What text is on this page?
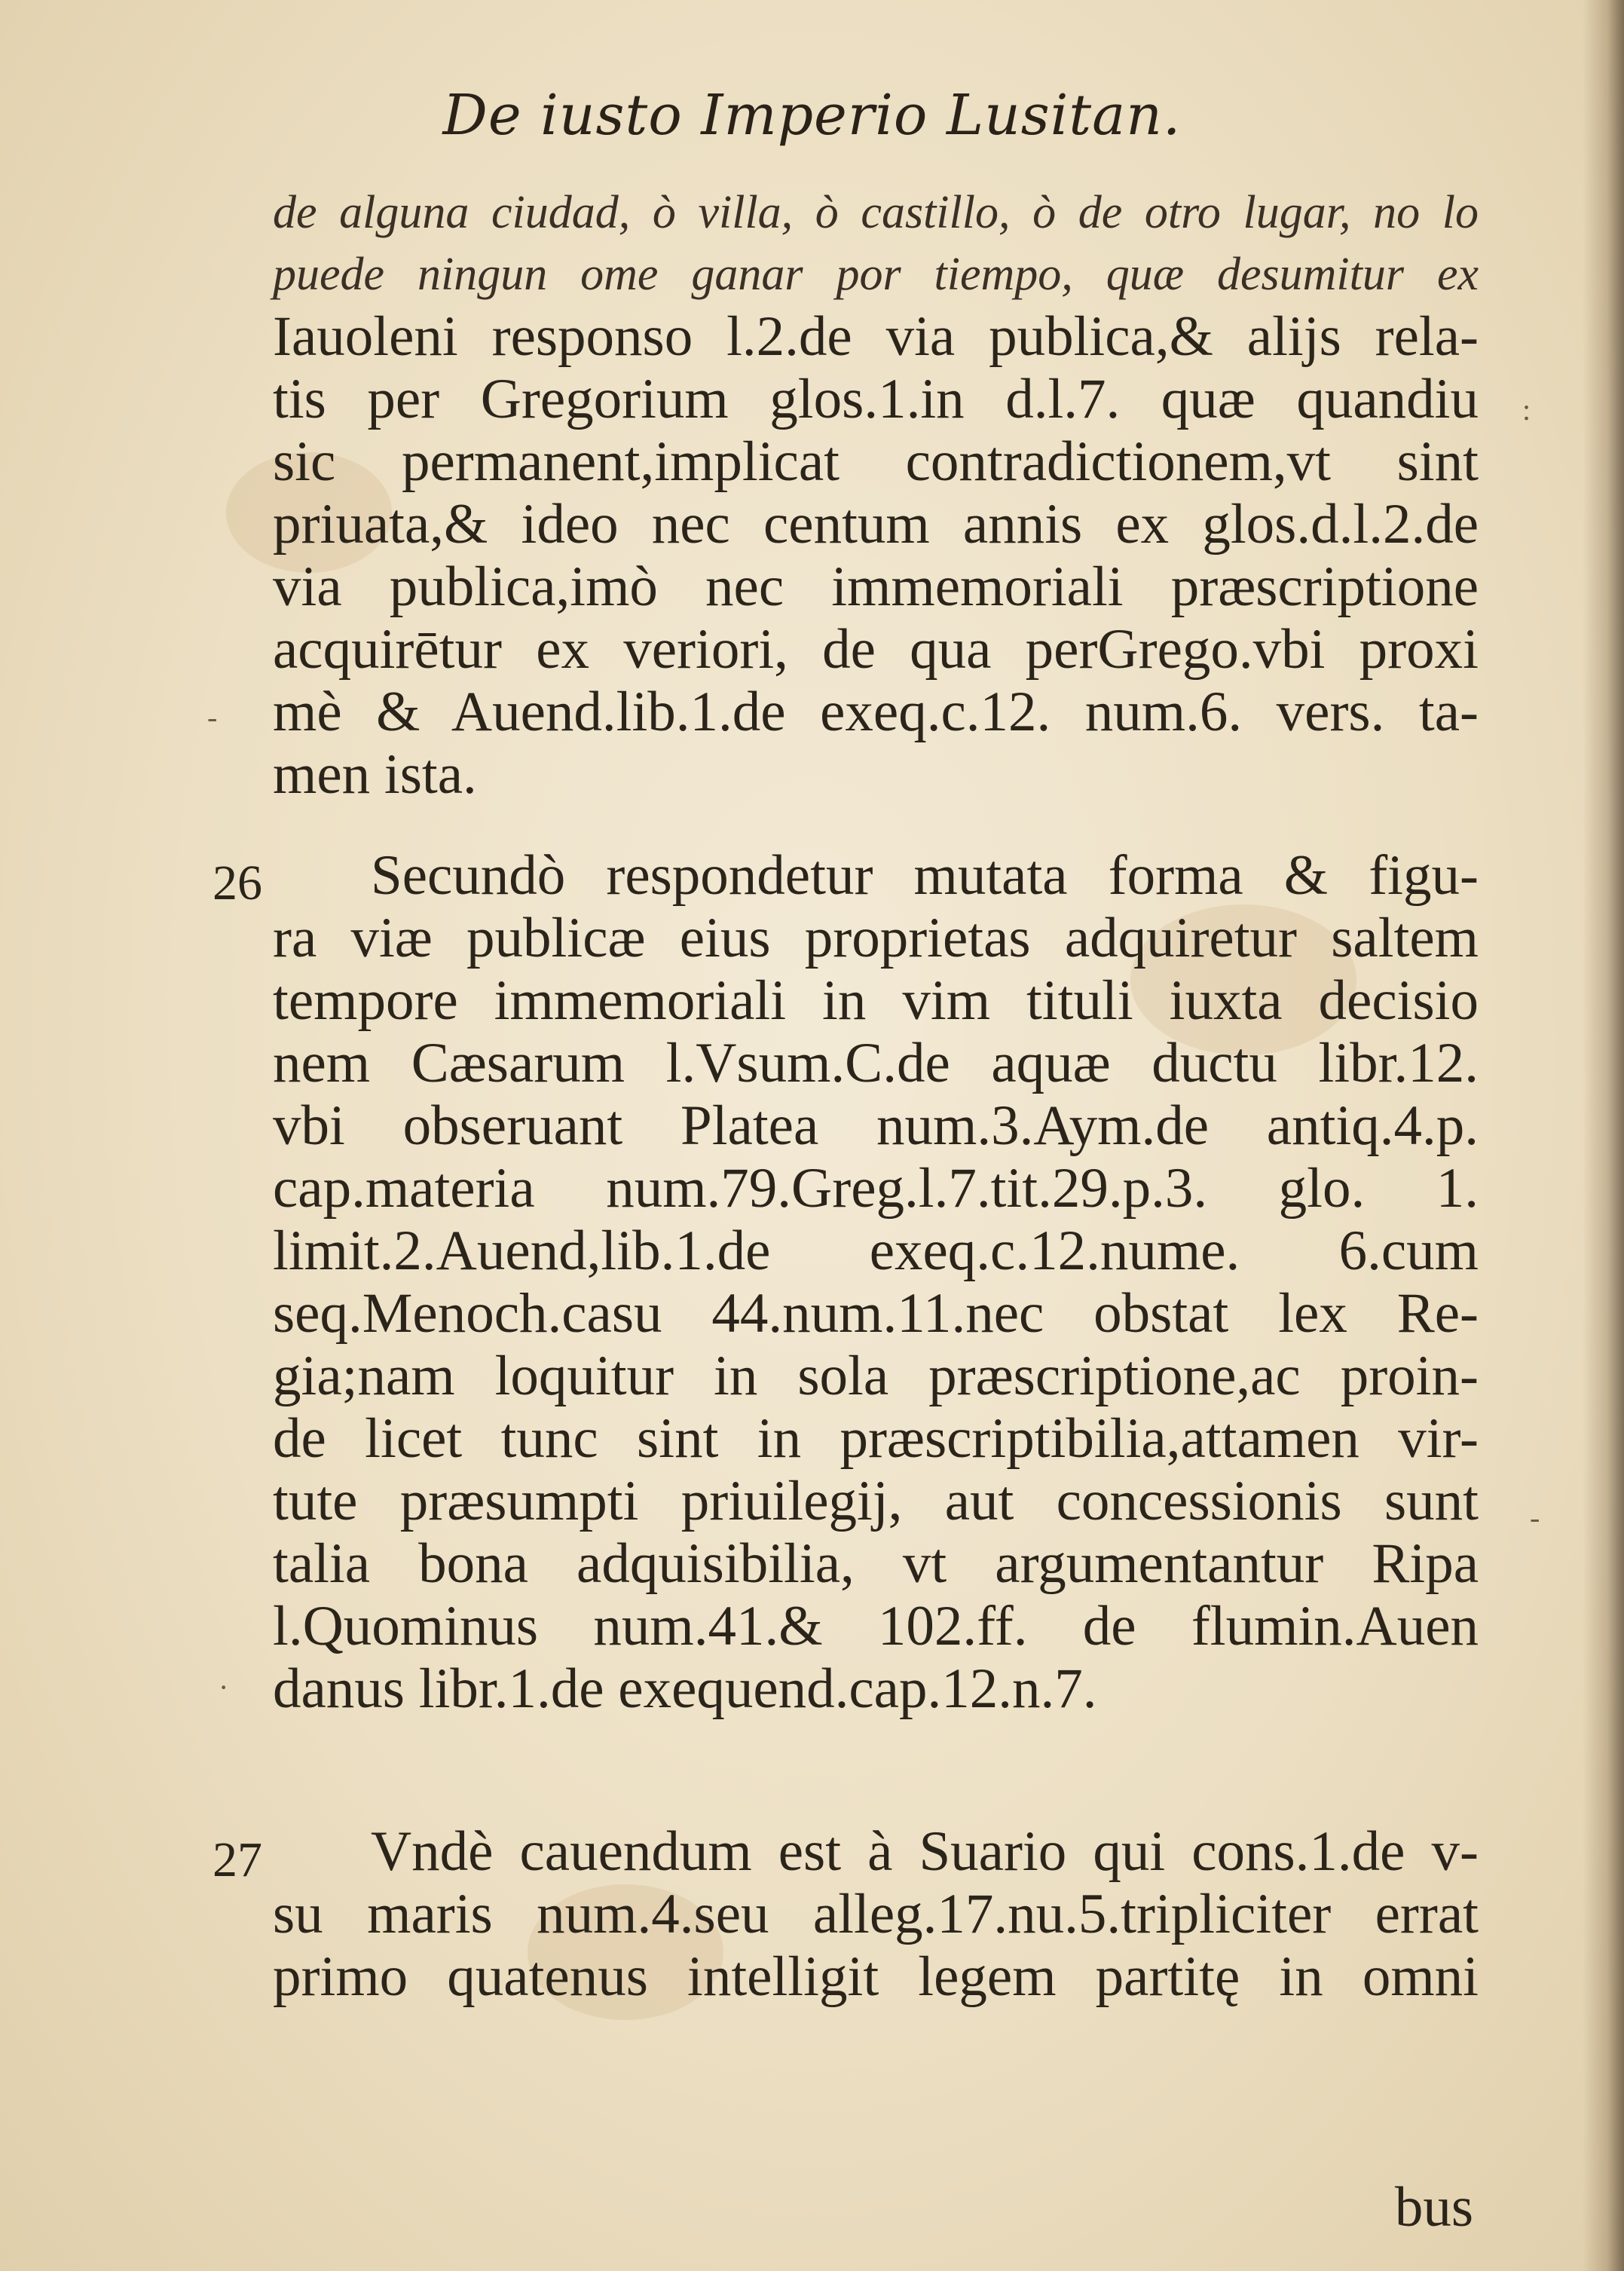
De iusto Imperio Lusitan.
de alguna ciudad, ò villa, ò castillo, ò de otro lugar, no lo
puede ningun ome ganar por tiempo, quæ desumitur ex
Iauoleni responso l.2.de via publica,& alijs rela-
tis per Gregorium glos.1.in d.l.7. quæ quandiu
sic permanent,implicat contradictionem,vt sint
priuata,& ideo nec centum annis ex glos.d.l.2.de
via publica,imò nec immemoriali præscriptione
acquirētur ex veriori, de qua perGrego.vbi proxi
mè & Auend.lib.1.de exeq.c.12. num.6. vers. ta-
men ista.
26 Secundò respondetur mutata forma & figu-
ra viæ publicæ eius proprietas adquiretur saltem
tempore immemoriali in vim tituli iuxta decisio
nem Cæsarum l.Vsum.C.de aquæ ductu libr.12.
vbi obseruant Platea num.3.Aym.de antiq.4.p.
cap.materia num.79.Greg.l.7.tit.29.p.3. glo. 1.
limit.2.Auend,lib.1.de exeq.c.12.nume. 6.cum
seq.Menoch.casu 44.num.11.nec obstat lex Re-
gia;nam loquitur in sola præscriptione,ac proin-
de licet tunc sint in præscriptibilia,attamen vir-
tute præsumpti priuilegij, aut concessionis sunt
talia bona adquisibilia, vt argumentantur Ripa
l.Quominus num.41.& 102.ff. de flumin.Auen
danus libr.1.de exequend.cap.12.n.7.
27 Vndè cauendum est à Suario qui cons.1.de v-
su maris num.4.seu alleg.17.nu.5.tripliciter errat
primo quatenus intelligit legem partitę in omni
bus
-
:
-
·
